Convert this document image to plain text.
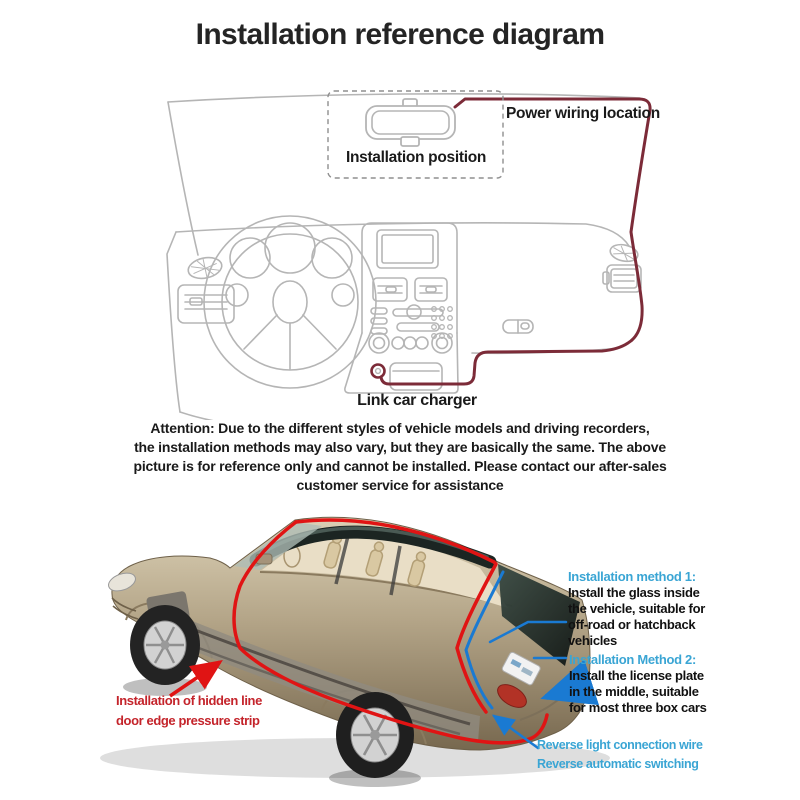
Installation reference diagram
Power wiring location
Installation position
Link car charger
Attention: Due to the different styles of vehicle models and driving recorders,
the installation methods may also vary, but they are basically the same. The above
picture is for reference only and cannot be installed. Please contact our after-sales
customer service for assistance
Installation method 1:
Install the glass inside
the vehicle, suitable for
off-road or hatchback
vehicles
Installation Method 2:
Install the license plate
in the middle, suitable
for most three box cars
Reverse light connection wire
Reverse automatic switching
Installation of hidden line
door edge pressure strip
